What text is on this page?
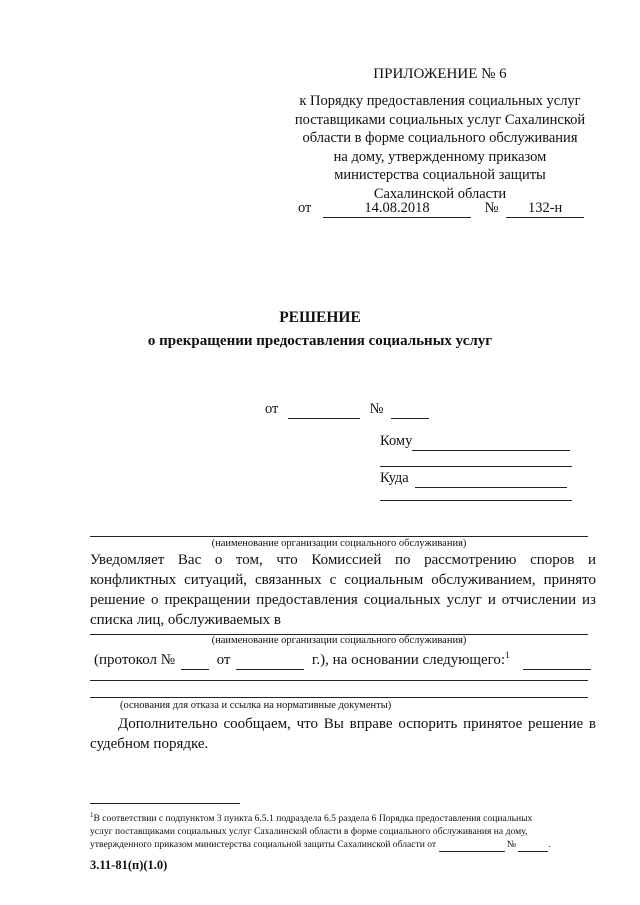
ПРИЛОЖЕНИЕ № 6
к Порядку предоставления социальных услуг
поставщиками социальных услуг Сахалинской
области в форме социального обслуживания
на дому, утвержденному приказом
министерства социальной защиты
Сахалинской области
от	14.08.2018	№ 132-н
РЕШЕНИЕ
о прекращении предоставления социальных услуг
от	№
Кому
Куда
(наименование организации социального обслуживания)
Уведомляет Вас о том, что Комиссией по рассмотрению споров и
конфликтных ситуаций, связанных с социальным обслуживанием, принято
решение о прекращении предоставления социальных услуг и отчислении из
списка лиц, обслуживаемых в
(наименование организации социального обслуживания)
(протокол №	от	г.), на основании следующего:$^1$
(основания для отказа и ссылка на нормативные документы)
Дополнительно сообщаем, что Вы вправе оспорить принятое решение в
судебном порядке.
$^1$В соответствии с подпунктом 3 пункта 6.5.1 подраздела 6.5 раздела 6 Порядка предоставления социальных
услуг поставщиками социальных услуг Сахалинской области в форме социального обслуживания на дому,
утвержденного приказом министерства социальной защиты Сахалинской области от	№	.
3.11-81(п)(1.0)
